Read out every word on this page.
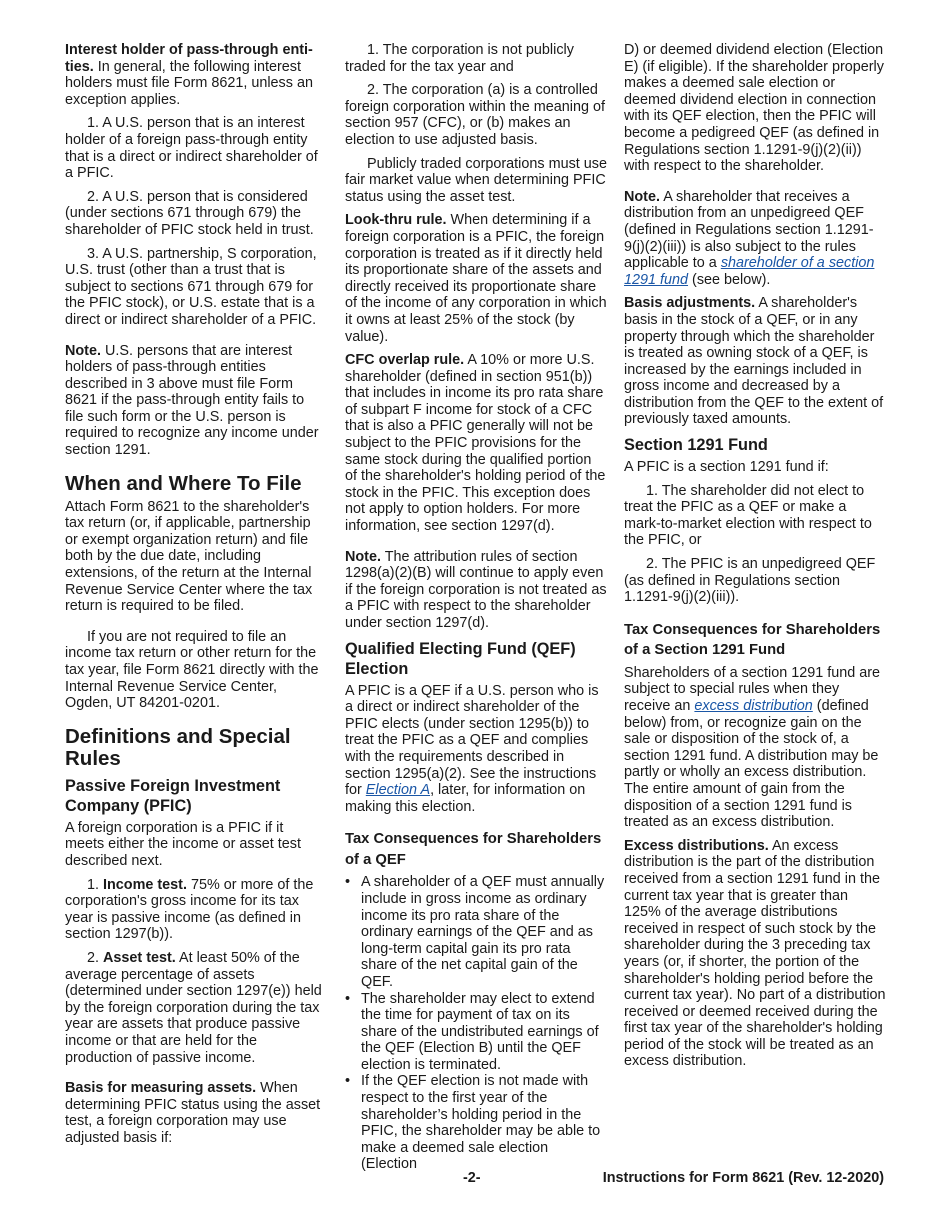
Interest holder of pass-through enti-ties. In general, the following interest holders must file Form 8621, unless an exception applies.

1. A U.S. person that is an interest holder of a foreign pass-through entity that is a direct or indirect shareholder of a PFIC.

2. A U.S. person that is considered (under sections 671 through 679) the shareholder of PFIC stock held in trust.

3. A U.S. partnership, S corporation, U.S. trust (other than a trust that is subject to sections 671 through 679 for the PFIC stock), or U.S. estate that is a direct or indirect shareholder of a PFIC.

Note. U.S. persons that are interest holders of pass-through entities described in 3 above must file Form 8621 if the pass-through entity fails to file such form or the U.S. person is required to recognize any income under section 1291.

When and Where To File

Attach Form 8621 to the shareholder's tax return (or, if applicable, partnership or exempt organization return) and file both by the due date, including extensions, of the return at the Internal Revenue Service Center where the tax return is required to be filed.

If you are not required to file an income tax return or other return for the tax year, file Form 8621 directly with the Internal Revenue Service Center, Ogden, UT 84201-0201.

Definitions and Special Rules
Passive Foreign Investment Company (PFIC)

A foreign corporation is a PFIC if it meets either the income or asset test described next.

1. Income test. 75% or more of the corporation's gross income for its tax year is passive income (as defined in section 1297(b)).

2. Asset test. At least 50% of the average percentage of assets (determined under section 1297(e)) held by the foreign corporation during the tax year are assets that produce passive income or that are held for the production of passive income.

Basis for measuring assets. When determining PFIC status using the asset test, a foreign corporation may use adjusted basis if:

1. The corporation is not publicly traded for the tax year and

2. The corporation (a) is a controlled foreign corporation within the meaning of section 957 (CFC), or (b) makes an election to use adjusted basis.

Publicly traded corporations must use fair market value when determining PFIC status using the asset test.

Look-thru rule. When determining if a foreign corporation is a PFIC, the foreign corporation is treated as if it directly held its proportionate share of the assets and directly received its proportionate share of the income of any corporation in which it owns at least 25% of the stock (by value).

CFC overlap rule. A 10% or more U.S. shareholder (defined in section 951(b)) that includes in income its pro rata share of subpart F income for stock of a CFC that is also a PFIC generally will not be subject to the PFIC provisions for the same stock during the qualified portion of the shareholder's holding period of the stock in the PFIC. This exception does not apply to option holders. For more information, see section 1297(d).

Note. The attribution rules of section 1298(a)(2)(B) will continue to apply even if the foreign corporation is not treated as a PFIC with respect to the shareholder under section 1297(d).

Qualified Electing Fund (QEF) Election

A PFIC is a QEF if a U.S. person who is a direct or indirect shareholder of the PFIC elects (under section 1295(b)) to treat the PFIC as a QEF and complies with the requirements described in section 1295(a)(2). See the instructions for Election A, later, for information on making this election.

Tax Consequences for Shareholders of a QEF
• A shareholder of a QEF must annually include in gross income as ordinary income its pro rata share of the ordinary earnings of the QEF and as long-term capital gain its pro rata share of the net capital gain of the QEF.
• The shareholder may elect to extend the time for payment of tax on its share of the undistributed earnings of the QEF (Election B) until the QEF election is terminated.
• If the QEF election is not made with respect to the first year of the shareholder’s holding period in the PFIC, the shareholder may be able to make a deemed sale election (Election

D) or deemed dividend election (Election E) (if eligible). If the shareholder properly makes a deemed sale election or deemed dividend election in connection with its QEF election, then the PFIC will become a pedigreed QEF (as defined in Regulations section 1.1291-9(j)(2)(ii)) with respect to the shareholder.

Note. A shareholder that receives a distribution from an unpedigreed QEF (defined in Regulations section 1.1291-9(j)(2)(iii)) is also subject to the rules applicable to a shareholder of a section 1291 fund (see below).

Basis adjustments. A shareholder's basis in the stock of a QEF, or in any property through which the shareholder is treated as owning stock of a QEF, is increased by the earnings included in gross income and decreased by a distribution from the QEF to the extent of previously taxed amounts.

Section 1291 Fund

A PFIC is a section 1291 fund if:

1. The shareholder did not elect to treat the PFIC as a QEF or make a mark-to-market election with respect to the PFIC, or

2. The PFIC is an unpedigreed QEF (as defined in Regulations section 1.1291-9(j)(2)(iii)).

Tax Consequences for Shareholders of a Section 1291 Fund

Shareholders of a section 1291 fund are subject to special rules when they receive an excess distribution (defined below) from, or recognize gain on the sale or disposition of the stock of, a section 1291 fund. A distribution may be partly or wholly an excess distribution. The entire amount of gain from the disposition of a section 1291 fund is treated as an excess distribution.

Excess distributions. An excess distribution is the part of the distribution received from a section 1291 fund in the current tax year that is greater than 125% of the average distributions received in respect of such stock by the shareholder during the 3 preceding tax years (or, if shorter, the portion of the shareholder's holding period before the current tax year). No part of a distribution received or deemed received during the first tax year of the shareholder's holding period of the stock will be treated as an excess distribution.

-2-	Instructions for Form 8621 (Rev. 12-2020)
